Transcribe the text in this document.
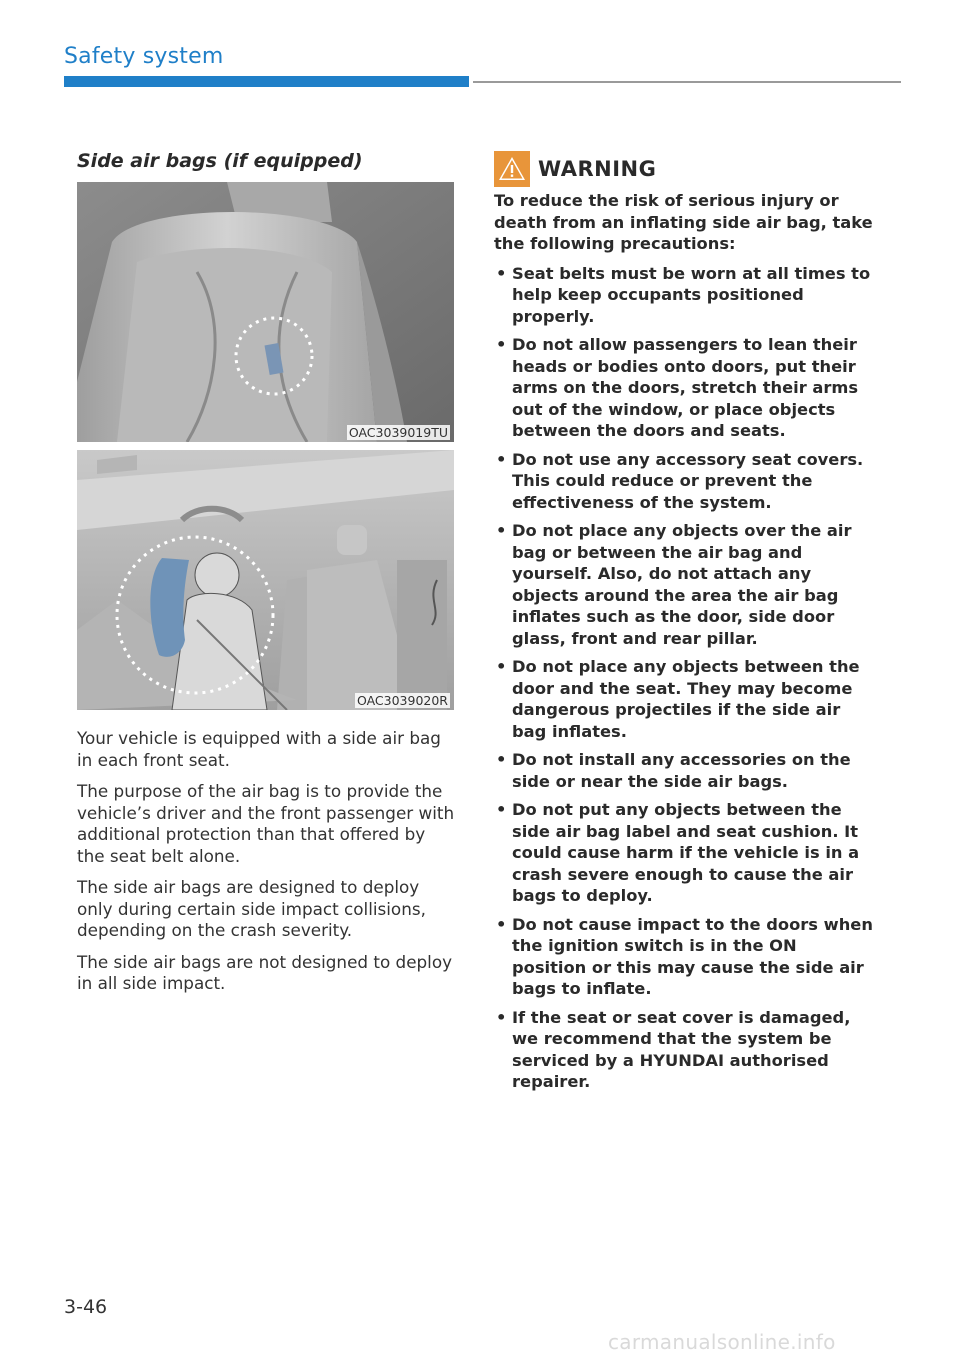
Safety system
Side air bags (if equipped)
OAC3039019TU
OAC3039020R

Your vehicle is equipped with a side air bag in each front seat.

The purpose of the air bag is to provide the vehicle’s driver and the front passenger with additional protection than that offered by the seat belt alone.

The side air bags are designed to deploy only during certain side impact collisions, depending on the crash severity.

The side air bags are not designed to deploy in all side impact.

WARNING
To reduce the risk of serious injury or death from an inflating side air bag, take the following precautions:
• Seat belts must be worn at all times to help keep occupants positioned properly.
• Do not allow passengers to lean their heads or bodies onto doors, put their arms on the doors, stretch their arms out of the window, or place objects between the doors and seats.
• Do not use any accessory seat covers. This could reduce or prevent the effectiveness of the system.
• Do not place any objects over the air bag or between the air bag and yourself. Also, do not attach any objects around the area the air bag inflates such as the door, side door glass, front and rear pillar.
• Do not place any objects between the door and the seat. They may become dangerous projectiles if the side air bag inflates.
• Do not install any accessories on the side or near the side air bags.
• Do not put any objects between the side air bag label and seat cushion. It could cause harm if the vehicle is in a crash severe enough to cause the air bags to deploy.
• Do not cause impact to the doors when the ignition switch is in the ON position or this may cause the side air bags to inflate.
• If the seat or seat cover is damaged, we recommend that the system be serviced by a HYUNDAI authorised repairer.
3-46
carmanualsonline.info
